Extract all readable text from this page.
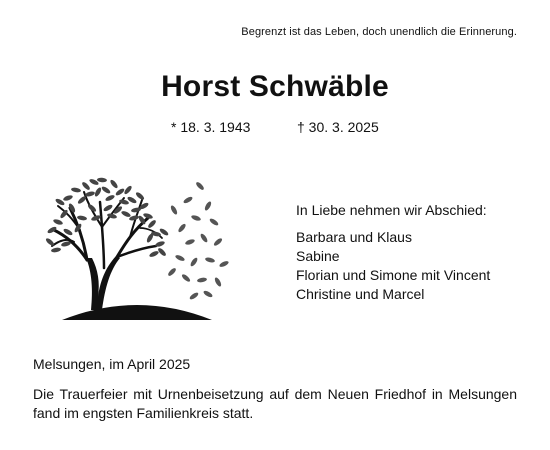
Begrenzt ist das Leben, doch unendlich die Erinnerung.
Horst Schwäble
* 18. 3. 1943	† 30. 3. 2025
In Liebe nehmen wir Abschied:
Barbara und Klaus
Sabine
Florian und Simone mit Vincent
Christine und Marcel
Melsungen, im April 2025
Die Trauerfeier mit Urnenbeisetzung auf dem Neuen Friedhof in Melsungen fand im engsten Familienkreis statt.
